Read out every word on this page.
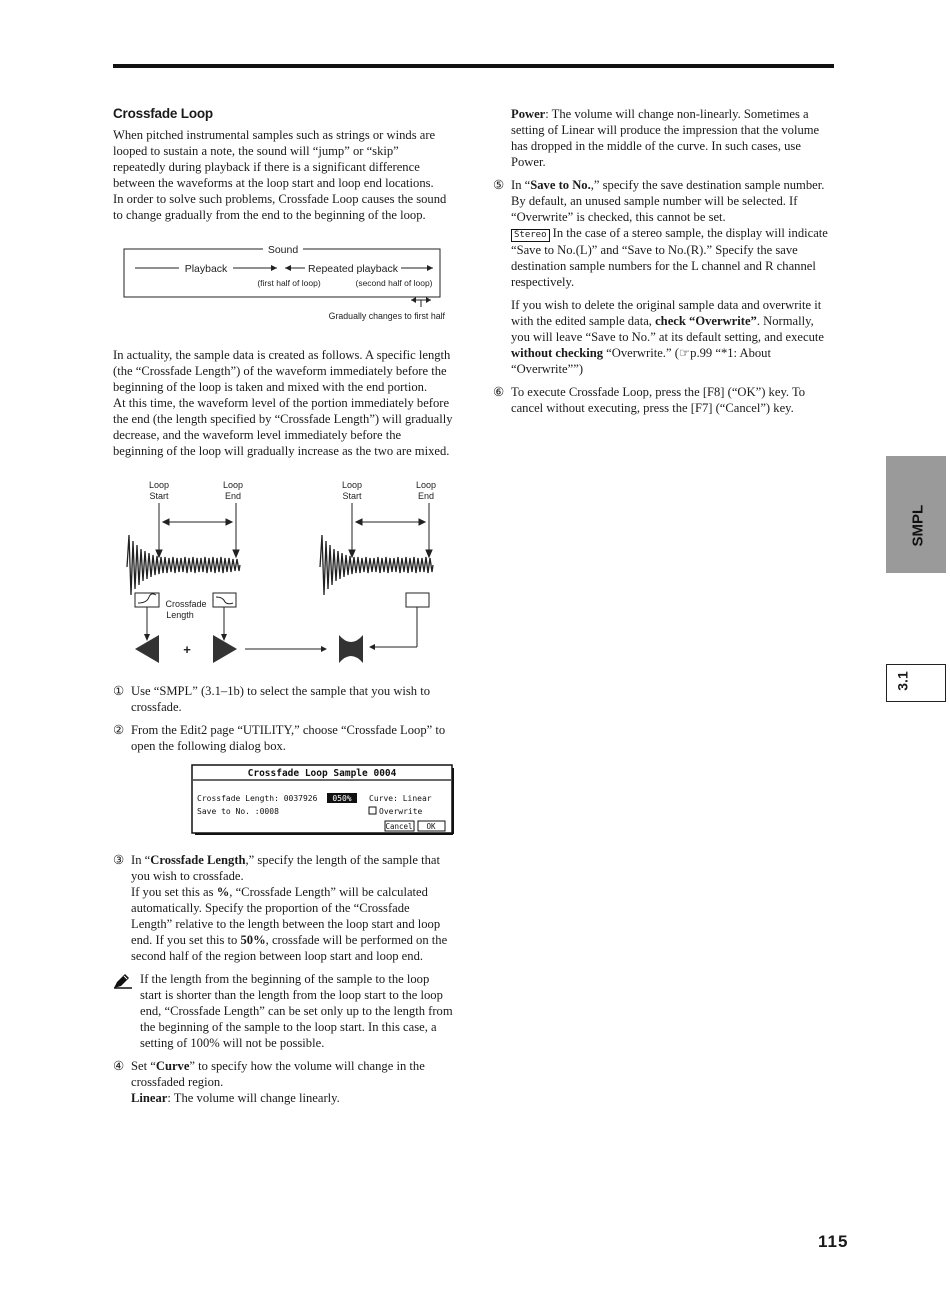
Crossfade Loop

When pitched instrumental samples such as strings or winds are looped to sustain a note, the sound will “jump” or “skip” repeatedly during playback if there is a significant difference between the waveforms at the loop start and loop end locations.

In order to solve such problems, Crossfade Loop causes the sound to change gradually from the end to the beginning of the loop.

Sound
Playback	Repeated playback
(first half of loop)	(second half of loop)
Gradually changes to first half

In actuality, the sample data is created as follows. A specific length (the “Crossfade Length”) of the waveform immediately before the beginning of the loop is taken and mixed with the end portion.

At this time, the waveform level of the portion immediately before the end (the length specified by “Crossfade Length”) will gradually decrease, and the waveform level immediately before the beginning of the loop will gradually increase as the two are mixed.

Loop
Start
Loop
End
Loop
Start
Loop
End
Crossfade
Length
+
① Use “SMPL” (3.1–1b) to select the sample that you wish to crossfade.
② From the Edit2 page “UTILITY,” choose “Crossfade Loop” to open the following dialog box.
Crossfade Loop Sample 0004
Crossfade Length: 0037926 050% Curve: Linear
Save to No. :0008	Overwrite
Cancel OK
③ In “Crossfade Length,” specify the length of the sample that you wish to crossfade.

If you set this as %, “Crossfade Length” will be calculated automatically. Specify the proportion of the “Crossfade Length” relative to the length between the loop start and loop end. If you set this to 50%, crossfade will be performed on the second half of the region between loop start and loop end.

If the length from the beginning of the sample to the loop start is shorter than the length from the loop start to the loop end, “Crossfade Length” can be set only up to the length from the beginning of the sample to the loop start. In this case, a setting of 100% will not be possible.
④ Set “Curve” to specify how the volume will change in the crossfaded region.

Linear: The volume will change linearly.

Power: The volume will change non-linearly. Sometimes a setting of Linear will produce the impression that the volume has dropped in the middle of the curve. In such cases, use Power.

⑤ In “Save to No.,” specify the save destination sample number. By default, an unused sample number will be selected. If “Overwrite” is checked, this cannot be set.

Stereo In the case of a stereo sample, the display will indicate “Save to No.(L)” and “Save to No.(R).” Specify the save destination sample numbers for the L channel and R channel respectively.

If you wish to delete the original sample data and overwrite it with the edited sample data, check “Overwrite”. Normally, you will leave “Save to No.” at its default setting, and execute without checking “Overwrite.” (☞p.99 “*1: About “Overwrite””)

⑥ To execute Crossfade Loop, press the [F8] (“OK”) key. To cancel without executing, press the [F7] (“Cancel”) key.
SMPL
3.1
115
